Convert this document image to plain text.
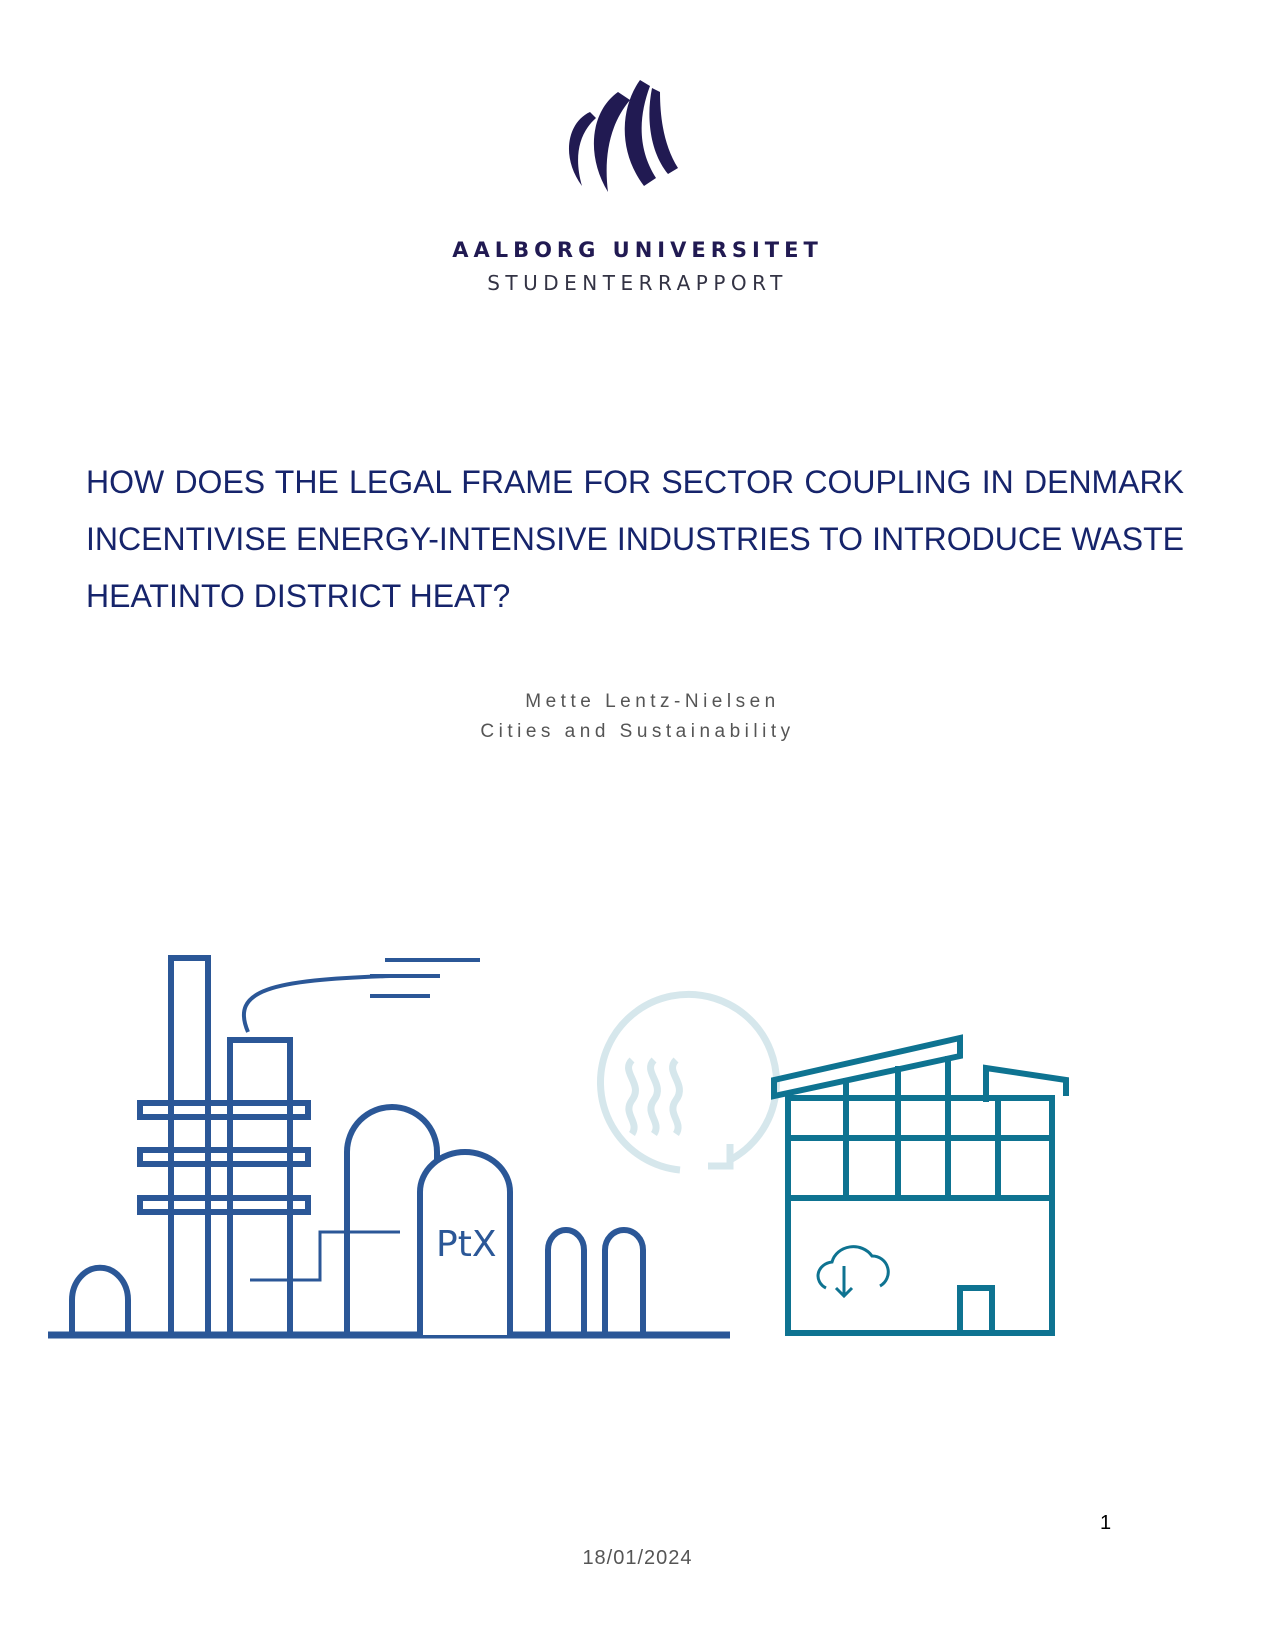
AALBORG UNIVERSITET
STUDENTERRAPPORT
HOW DOES THE LEGAL FRAME FOR SECTOR COUPLING IN DENMARK INCENTIVISE ENERGY-INTENSIVE INDUSTRIES TO INTRODUCE WASTE HEATINTO DISTRICT HEAT?
Mette Lentz-Nielsen
Cities and Sustainability
PtX
1
18/01/2024
